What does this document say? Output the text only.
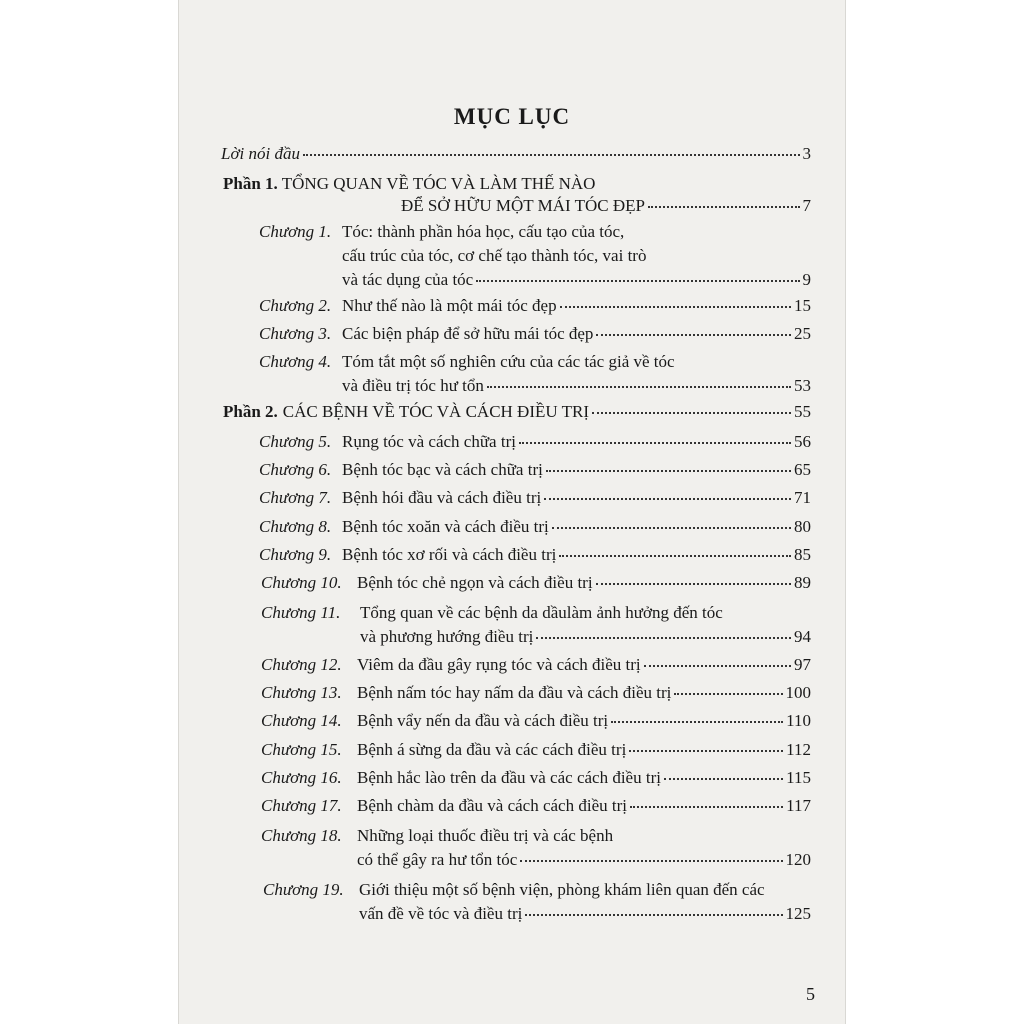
MỤC LỤC
Lời nói đầu	3
Phần 1. TỔNG QUAN VỀ TÓC VÀ LÀM THẾ NÀO
ĐỂ SỞ HỮU MỘT MÁI TÓC ĐẸP	7
Chương 1. Tóc: thành phần hóa học, cấu tạo của tóc,
cấu trúc của tóc, cơ chế tạo thành tóc, vai trò
và tác dụng của tóc	9
Chương 2. Như thế nào là một mái tóc đẹp	15
Chương 3. Các biện pháp để sở hữu mái tóc đẹp	25
Chương 4. Tóm tắt một số nghiên cứu của các tác giả về tóc
và điều trị tóc hư tổn	53
Phần 2. CÁC BỆNH VỀ TÓC VÀ CÁCH ĐIỀU TRỊ	55
Chương 5. Rụng tóc và cách chữa trị	56
Chương 6. Bệnh tóc bạc và cách chữa trị	65
Chương 7. Bệnh hói đầu và cách điều trị	71
Chương 8. Bệnh tóc xoăn và cách điều trị	80
Chương 9. Bệnh tóc xơ rối và cách điều trị	85
Chương 10. Bệnh tóc chẻ ngọn và cách điều trị	89
Chương 11. Tổng quan về các bệnh da dầulàm ảnh hưởng đến tóc
và phương hướng điều trị	94
Chương 12. Viêm da đầu gây rụng tóc và cách điều trị	97
Chương 13. Bệnh nấm tóc hay nấm da đầu và cách điều trị	100
Chương 14. Bệnh vẩy nến da đầu và cách điều trị	110
Chương 15. Bệnh á sừng da đầu và các cách điều trị	112
Chương 16. Bệnh hắc lào trên da đầu và các cách điều trị	115
Chương 17. Bệnh chàm da đầu và cách cách điều trị	117
Chương 18. Những loại thuốc điều trị và các bệnh
có thể gây ra hư tổn tóc	120
Chương 19. Giới thiệu một số bệnh viện, phòng khám liên quan đến các
vấn đề về tóc và điều trị	125
5
